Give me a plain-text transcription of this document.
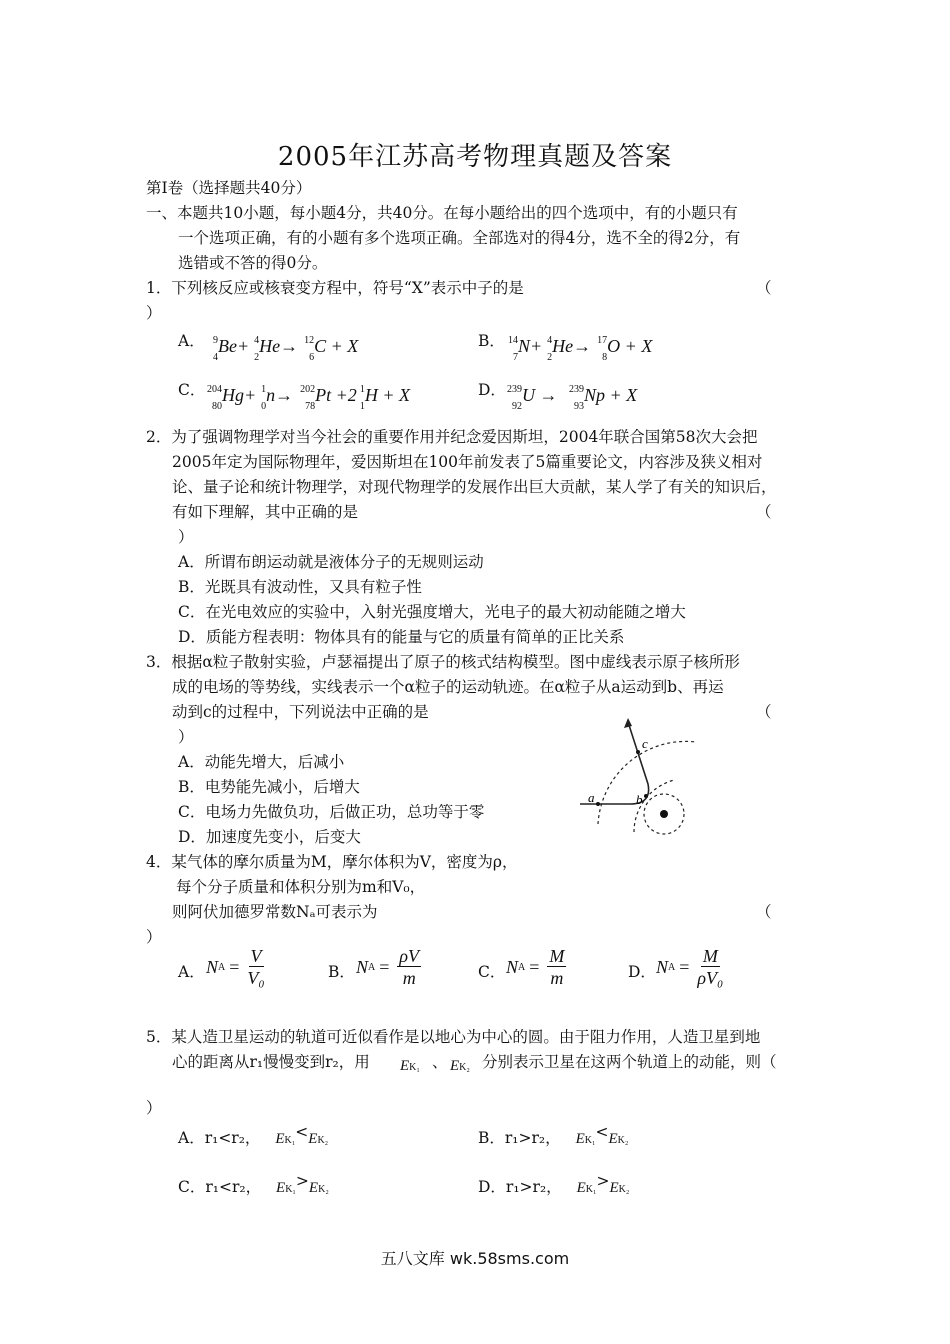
2005年江苏高考物理真题及答案
第Ⅰ卷（选择题共40分）
一、本题共10小题，每小题4分，共40分。在每小题给出的四个选项中，有的小题只有
一个选项正确，有的小题有多个选项正确。全部选对的得4分，选不全的得2分，有
选错或不答的得0分。
1．下列核反应或核衰变方程中，符号“X”表示中子的是	（
）
A． 9
4
Be+ 4
2
He→ 12
6
C + X	B． 14
7
N+ 4
2
He→ 17
8
O + X
C． 204
80
Hg+ 1
0
n→ 202
78
Pt +2 1
1
H + X	D． 239
92
U → 239
93
Np + X
2．为了强调物理学对当今社会的重要作用并纪念爱因斯坦，2004年联合国第58次大会把
2005年定为国际物理年，爱因斯坦在100年前发表了5篇重要论文，内容涉及狭义相对
论、量子论和统计物理学，对现代物理学的发展作出巨大贡献，某人学了有关的知识后，
有如下理解，其中正确的是	（
）
A．所谓布朗运动就是液体分子的无规则运动
B．光既具有波动性，又具有粒子性
C．在光电效应的实验中，入射光强度增大，光电子的最大初动能随之增大
D．质能方程表明：物体具有的能量与它的质量有简单的正比关系
3．根据α粒子散射实验，卢瑟福提出了原子的核式结构模型。图中虚线表示原子核所形
成的电场的等势线，实线表示一个α粒子的运动轨迹。在α粒子从a运动到b、再运
动到c的过程中，下列说法中正确的是	（
）
A．动能先增大，后减小
B．电势能先减小，后增大
C．电场力先做负功，后做正功，总功等于零
D．加速度先变小，后变大
a	b
c
4．某气体的摩尔质量为M，摩尔体积为V，密度为ρ，
每个分子质量和体积分别为m和V₀，
则阿伏加德罗常数Nₐ可表示为	（
）
A． N $A = \frac{V}{\text{V₀}}$	B． N $A = \frac{\rho V}{m}$	C． N $A = \frac{M}{m}$	D． N $A = \frac{M}{\text{ρV₀}}$
5．某人造卫星运动的轨道可近似看作是以地心为中心的圆。由于阻力作用，人造卫星到地
心的距离从r₁慢慢变到r₂，用 EK₁ 、 EK₂ 分别表示卫星在这两个轨道上的动能，则（
）
A．r₁<r₂， EK₁<EK₂	B．r₁>r₂， EK₁<EK₂
C．r₁<r₂， EK₁>EK₂	D．r₁>r₂， EK₁>EK₂
五八文库 wk.58sms.com
